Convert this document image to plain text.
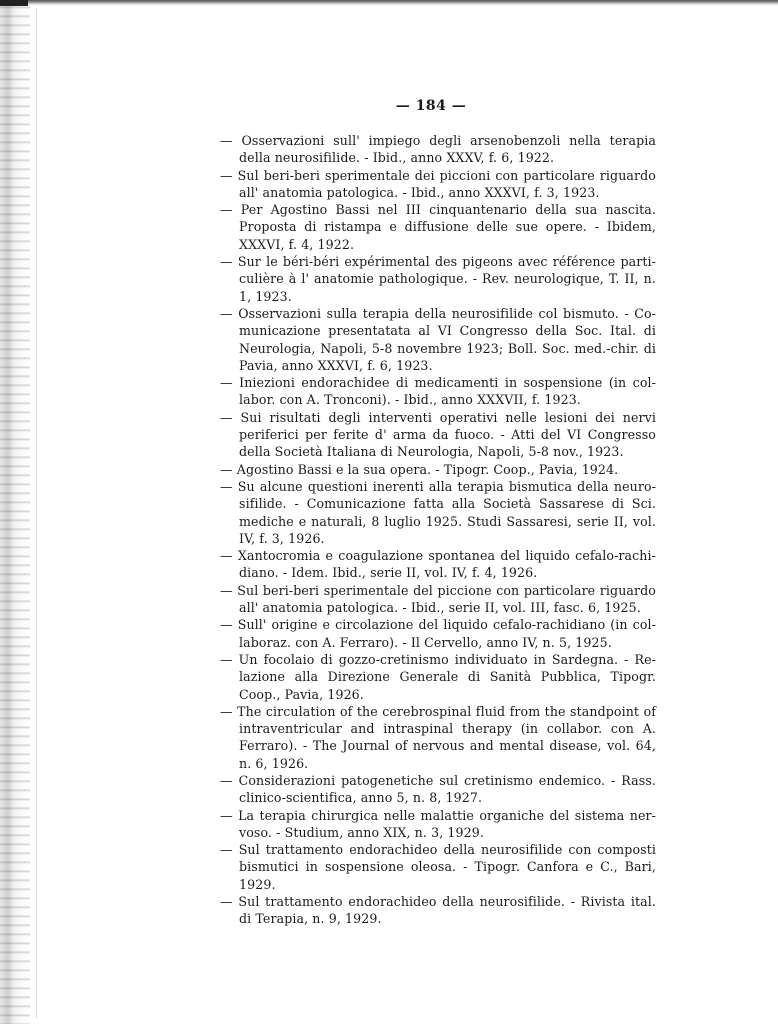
— 184 —
— Osservazioni sull' impiego degli arsenobenzoli nella terapia della neurosifilide. - Ibid., anno XXXV, f. 6, 1922.
— Sul beri-beri sperimentale dei piccioni con particolare riguardo all' anatomia patologica. - Ibid., anno XXXVI, f. 3, 1923.
— Per Agostino Bassi nel III cinquantenario della sua nascita. Proposta di ristampa e diffusione delle sue opere. - Ibidem, XXXVI, f. 4, 1922.
— Sur le béri-béri expérimental des pigeons avec référence parti- culière à l' anatomie pathologique. - Rev. neurologique, T. II, n. 1, 1923.
— Osservazioni sulla terapia della neurosifilide col bismuto. - Co- municazione presentatata al VI Congresso della Soc. Ital. di Neurologia, Napoli, 5-8 novembre 1923; Boll. Soc. med.-chir. di Pavia, anno XXXVI, f. 6, 1923.
— Iniezioni endorachidee di medicamenti in sospensione (in col- labor. con A. Tronconi). - Ibid., anno XXXVII, f. 1923.
— Sui risultati degli interventi operativi nelle lesioni dei nervi periferici per ferite d' arma da fuoco. - Atti del VI Congresso della Società Italiana di Neurologia, Napoli, 5-8 nov., 1923.
— Agostino Bassi e la sua opera. - Tipogr. Coop., Pavia, 1924.
— Su alcune questioni inerenti alla terapia bismutica della neuro- sifilide. - Comunicazione fatta alla Società Sassarese di Sci. mediche e naturali, 8 luglio 1925. Studi Sassaresi, serie II, vol. IV, f. 3, 1926.
— Xantocromia e coagulazione spontanea del liquido cefalo-rachi- diano. - Idem. Ibid., serie II, vol. IV, f. 4, 1926.
— Sul beri-beri sperimentale del piccione con particolare riguardo all' anatomia patologica. - Ibid., serie II, vol. III, fasc. 6, 1925.
— Sull' origine e circolazione del liquido cefalo-rachidiano (in col- laboraz. con A. Ferraro). - Il Cervello, anno IV, n. 5, 1925.
— Un focolaio di gozzo-cretinismo individuato in Sardegna. - Re- lazione alla Direzione Generale di Sanità Pubblica, Tipogr. Coop., Pavia, 1926.
— The circulation of the cerebrospinal fluid from the standpoint of intraventricular and intraspinal therapy (in collabor. con A. Ferraro). - The Journal of nervous and mental disease, vol. 64, n. 6, 1926.
— Considerazioni patogenetiche sul cretinismo endemico. - Rass. clinico-scientifica, anno 5, n. 8, 1927.
— La terapia chirurgica nelle malattie organiche del sistema ner- voso. - Studium, anno XIX, n. 3, 1929.
— Sul trattamento endorachideo della neurosifilide con composti bismutici in sospensione oleosa. - Tipogr. Canfora e C., Bari, 1929.
— Sul trattamento endorachideo della neurosifilide. - Rivista ital. di Terapia, n. 9, 1929.
